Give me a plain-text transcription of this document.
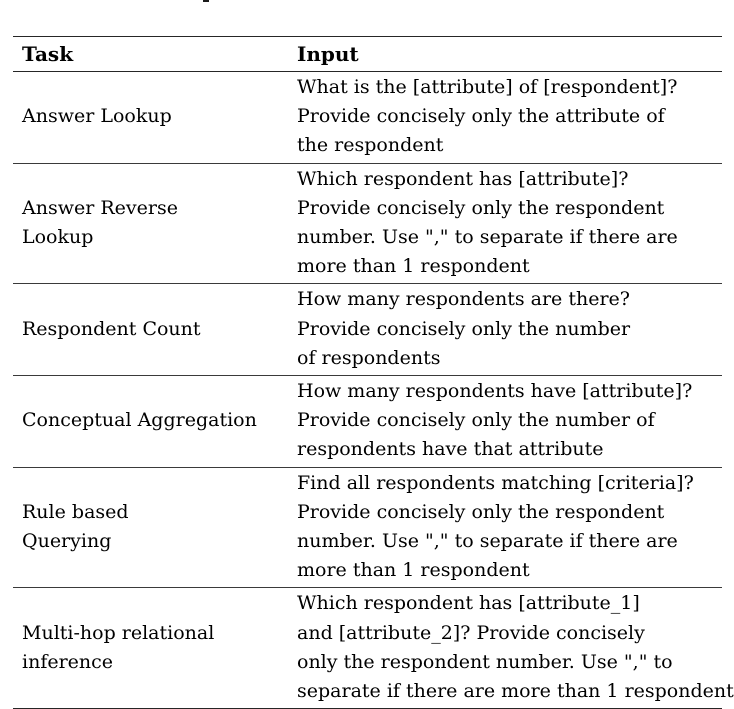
Task	Input

Answer Lookup	What is the [attribute] of [respondent]?
Provide concisely only the attribute of
the respondent

Answer Reverse
Lookup	Which respondent has [attribute]?
Provide concisely only the respondent
number. Use "," to separate if there are
more than 1 respondent

Respondent Count	How many respondents are there?
Provide concisely only the number
of respondents

Conceptual Aggregation	How many respondents have [attribute]?
Provide concisely only the number of
respondents have that attribute

Rule based
Querying	Find all respondents matching [criteria]?
Provide concisely only the respondent
number. Use "," to separate if there are
more than 1 respondent

Multi-hop relational
inference	Which respondent has [attribute_1]
and [attribute_2]? Provide concisely
only the respondent number. Use "," to
separate if there are more than 1 respondent
